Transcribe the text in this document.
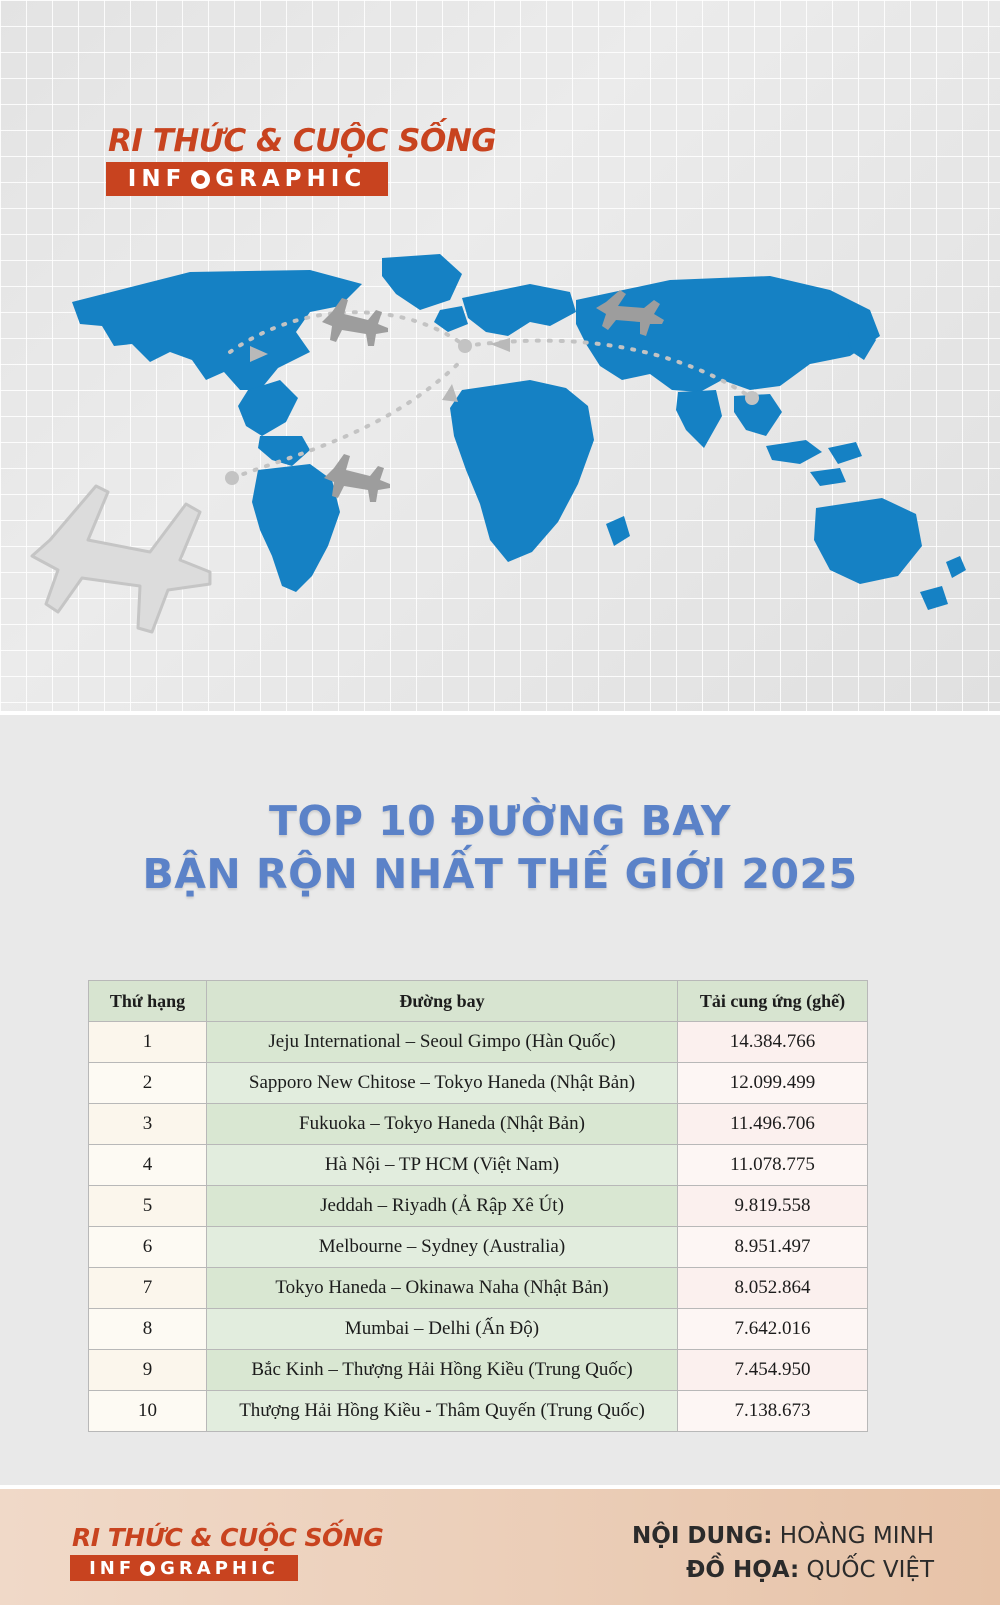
RI THỨC & CUỘC SỐNG
INF GRAPHIC
TOP 10 ĐƯỜNG BAY
BẬN RỘN NHẤT THẾ GIỚI 2025
Thứ hạng	Đường bay	Tải cung ứng (ghế)
1	Jeju International – Seoul Gimpo (Hàn Quốc)	14.384.766
2	Sapporo New Chitose – Tokyo Haneda (Nhật Bản)	12.099.499
3	Fukuoka – Tokyo Haneda (Nhật Bản)	11.496.706
4	Hà Nội – TP HCM (Việt Nam)	11.078.775
5	Jeddah – Riyadh (Ả Rập Xê Út)	9.819.558
6	Melbourne – Sydney (Australia)	8.951.497
7	Tokyo Haneda – Okinawa Naha (Nhật Bản)	8.052.864
8	Mumbai – Delhi (Ấn Độ)	7.642.016
9	Bắc Kinh – Thượng Hải Hồng Kiều (Trung Quốc)	7.454.950
10	Thượng Hải Hồng Kiều - Thâm Quyến (Trung Quốc)	7.138.673
RI THỨC & CUỘC SỐNG
INF GRAPHIC
NỘI DUNG: HOÀNG MINH
ĐỒ HỌA: QUỐC VIỆT
